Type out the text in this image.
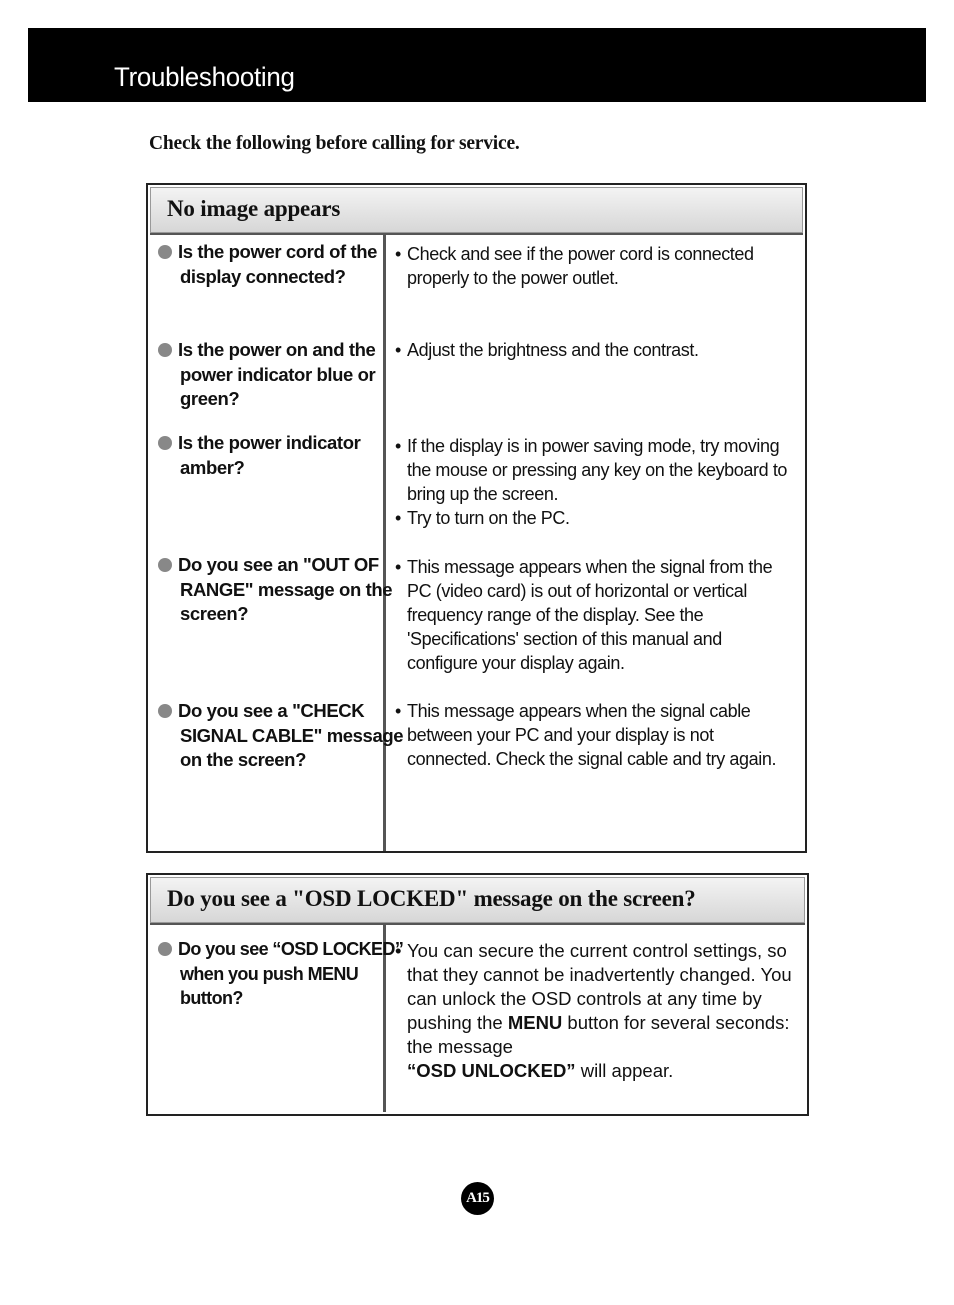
Troubleshooting
Check the following before calling for service.
No image appears
Is the power cord of the display connected?
• Check and see if the power cord is connected properly to the power outlet.
Is the power on and the power indicator blue or green?
• Adjust the brightness and the contrast.
Is the power indicator amber?
• If the display is in power saving mode, try moving the mouse or pressing any key on the keyboard to bring up the screen.
• Try to turn on the PC.
Do you see an "OUT OF RANGE" message on the screen?
• This message appears when the signal from the PC (video card) is out of horizontal or vertical frequency range of the display. See the 'Specifications' section of this manual and configure your display again.
Do you see a "CHECK SIGNAL CABLE" message on the screen?
• This message appears when the signal cable between your PC and your display is not connected. Check the signal cable and try again.
Do you see a "OSD LOCKED" message on the screen?
Do you see “OSD LOCKED” when you push MENU button?
• You can secure the current control settings, so that they cannot be inadvertently changed. You can unlock the OSD controls at any time by pushing the MENU button for several seconds: the message
“OSD UNLOCKED” will appear.
A15
